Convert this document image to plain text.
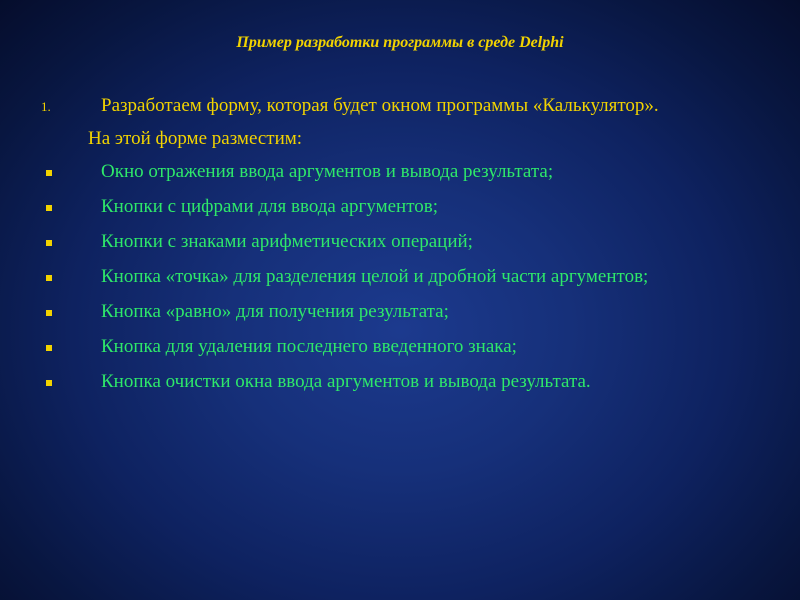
Пример разработки программы в среде Delphi
1.	Разработаем форму, которая будет окном программы «Калькулятор».
На этой форме разместим:
Окно отражения ввода аргументов и вывода результата;
Кнопки с цифрами для ввода аргументов;
Кнопки с знаками арифметических операций;
Кнопка «точка» для разделения целой и дробной части аргументов;
Кнопка «равно» для получения результата;
Кнопка для удаления последнего введенного знака;
Кнопка очистки окна ввода аргументов и вывода результата.
